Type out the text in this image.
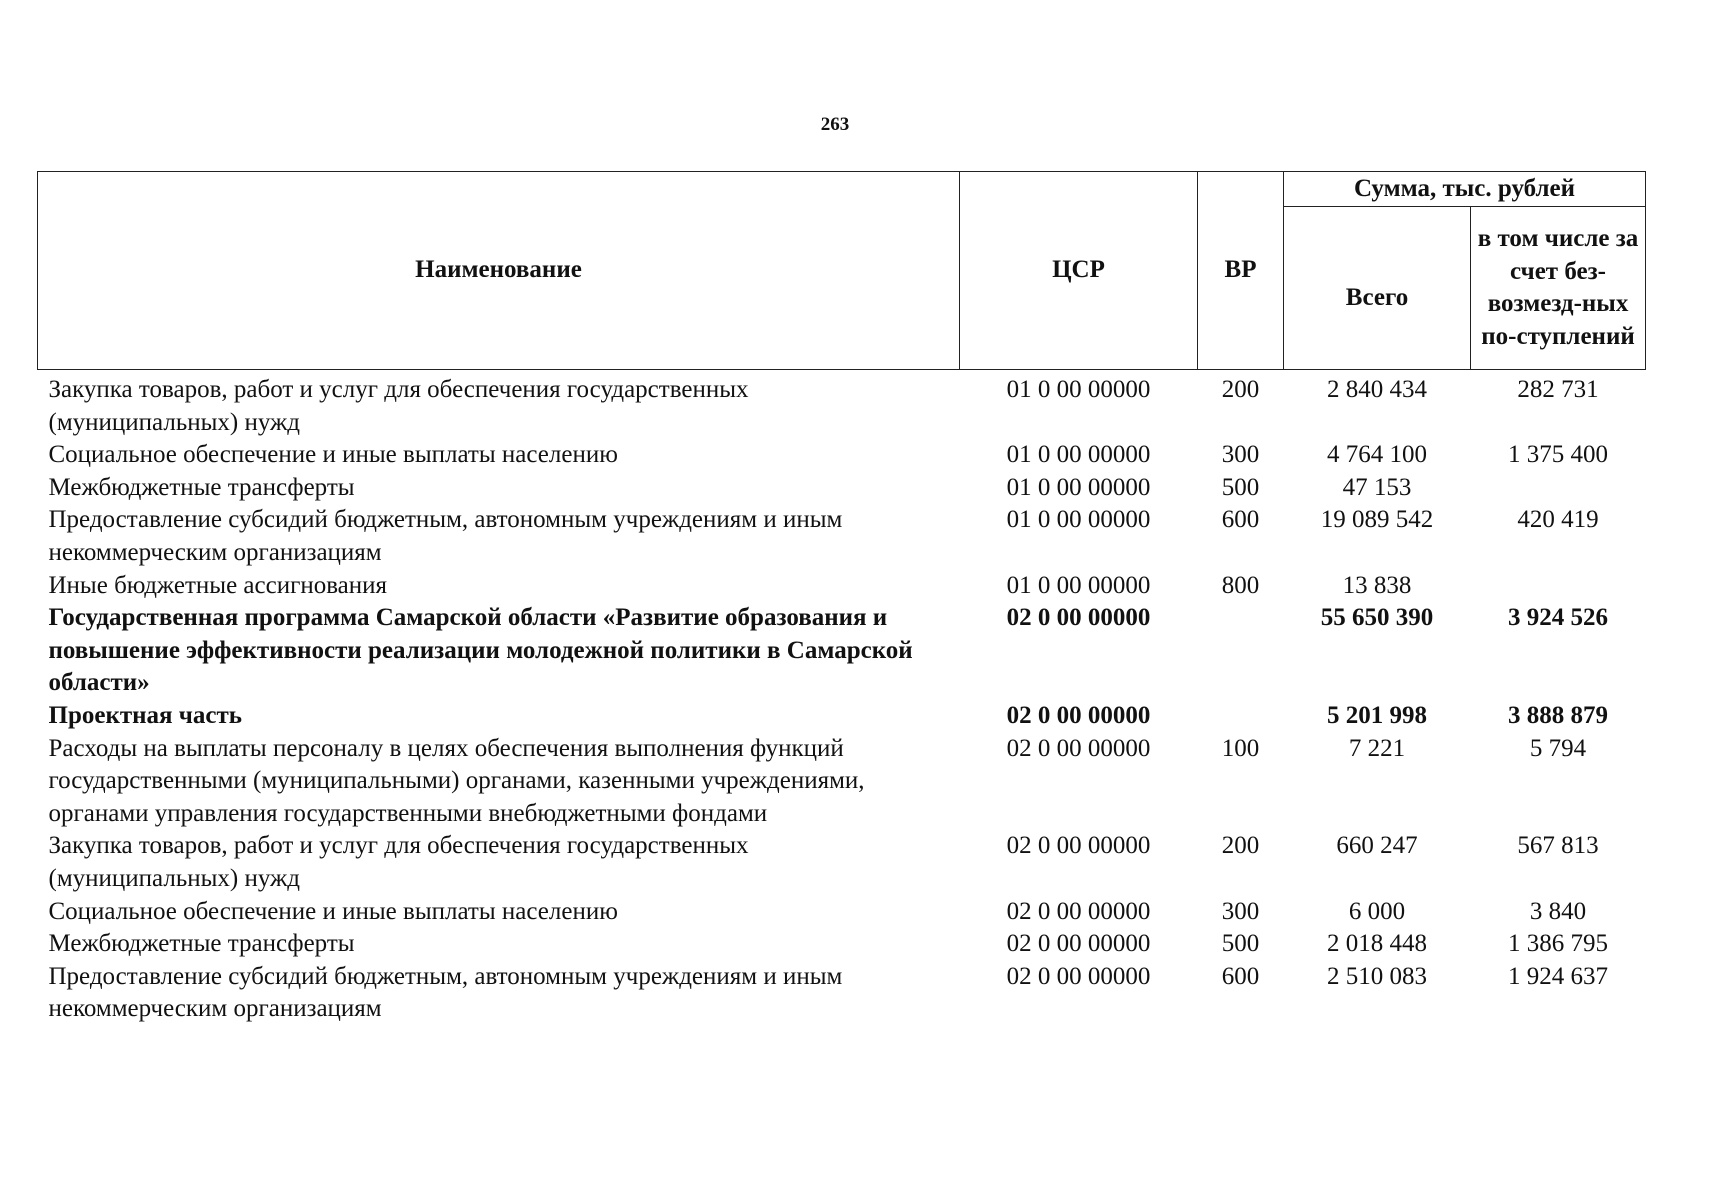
263
Наименование	ЦСР	ВР	Сумма, тыс. рублей	
			Всего	в том числе за счет без-возмезд-ных по-ступлений
Закупка товаров, работ и услуг для обеспечения государственных (муниципальных) нужд	01 0 00 00000	200	2 840 434	282 731
Социальное обеспечение и иные выплаты населению	01 0 00 00000	300	4 764 100	1 375 400
Межбюджетные трансферты	01 0 00 00000	500	47 153	
Предоставление субсидий бюджетным, автономным учреждениям и иным некоммерческим организациям	01 0 00 00000	600	19 089 542	420 419
Иные бюджетные ассигнования	01 0 00 00000	800	13 838	
Государственная программа Самарской области «Развитие образования и повышение эффективности реализации молодежной политики в Самарской области»	02 0 00 00000		55 650 390	3 924 526
Проектная часть	02 0 00 00000		5 201 998	3 888 879
Расходы на выплаты персоналу в целях обеспечения выполнения функций государственными (муниципальными) органами, казенными учреждениями, органами управления государственными внебюджетными фондами	02 0 00 00000	100	7 221	5 794
Закупка товаров, работ и услуг для обеспечения государственных (муниципальных) нужд	02 0 00 00000	200	660 247	567 813
Социальное обеспечение и иные выплаты населению	02 0 00 00000	300	6 000	3 840
Межбюджетные трансферты	02 0 00 00000	500	2 018 448	1 386 795
Предоставление субсидий бюджетным, автономным учреждениям и иным некоммерческим организациям	02 0 00 00000	600	2 510 083	1 924 637
